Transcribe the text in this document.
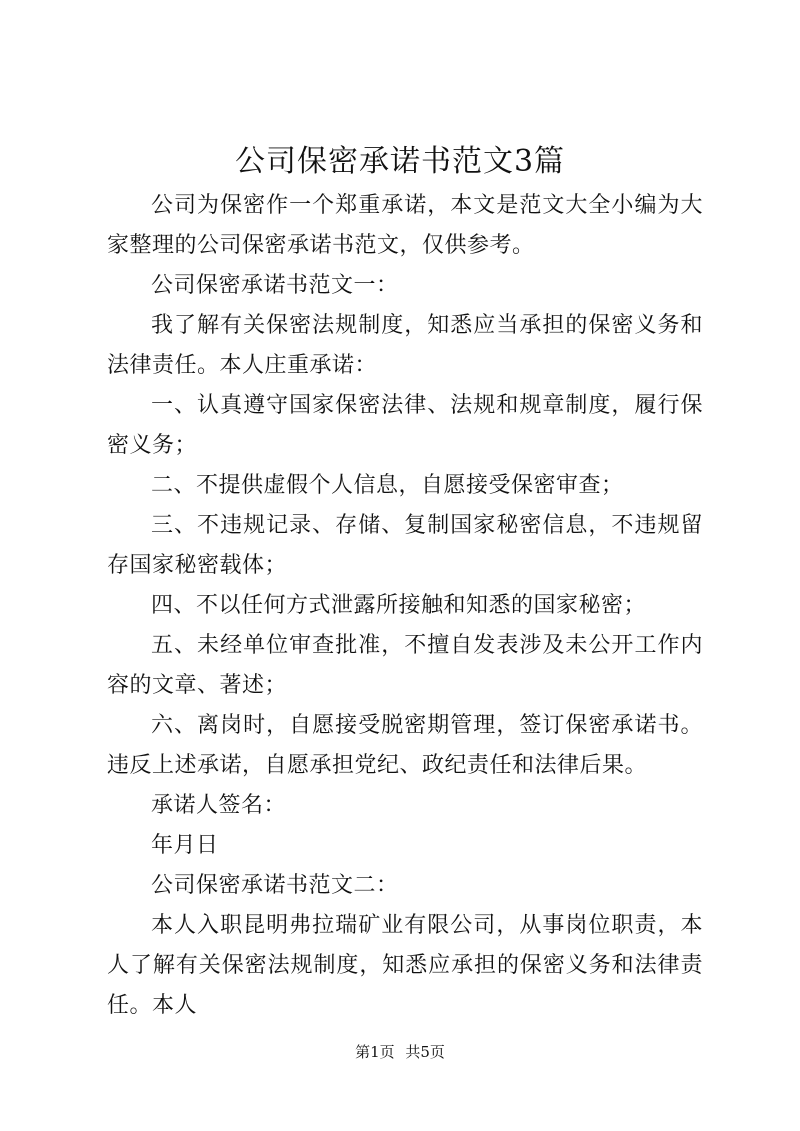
公司保密承诺书范文3篇

公司为保密作一个郑重承诺，本文是范文大全小编为大家整理的公司保密承诺书范文，仅供参考。

公司保密承诺书范文一：

我了解有关保密法规制度，知悉应当承担的保密义务和法律责任。本人庄重承诺：

一、认真遵守国家保密法律、法规和规章制度，履行保密义务；

二、不提供虚假个人信息，自愿接受保密审查；

三、不违规记录、存储、复制国家秘密信息，不违规留存国家秘密载体；

四、不以任何方式泄露所接触和知悉的国家秘密；

五、未经单位审查批准，不擅自发表涉及未公开工作内容的文章、著述；

六、离岗时，自愿接受脱密期管理，签订保密承诺书。违反上述承诺，自愿承担党纪、政纪责任和法律后果。

承诺人签名：

年月日

公司保密承诺书范文二：

本人入职昆明弗拉瑞矿业有限公司，从事岗位职责，本人了解有关保密法规制度，知悉应承担的保密义务和法律责任。本人

第1页 共5页
